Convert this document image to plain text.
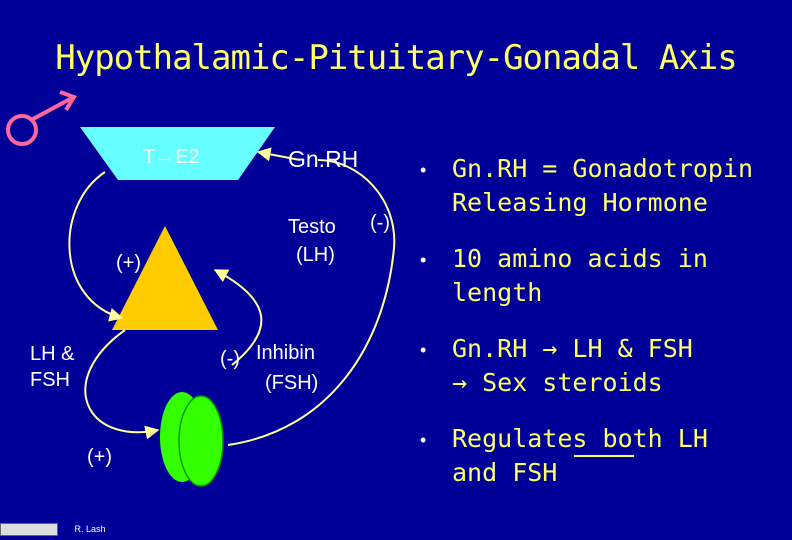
Hypothalamic-Pituitary-Gonadal Axis
T→E2	Gn.RH
Testo (-)
(LH)
(+)
LH &
FSH
(-) Inhibin
(FSH)
(+)
•	Gn.RH = Gonadotropin
Releasing Hormone
•	10 amino acids in
length
•	Gn.RH → LH & FSH
→ Sex steroids
•	Regulates both LH
and FSH
R. Lash
